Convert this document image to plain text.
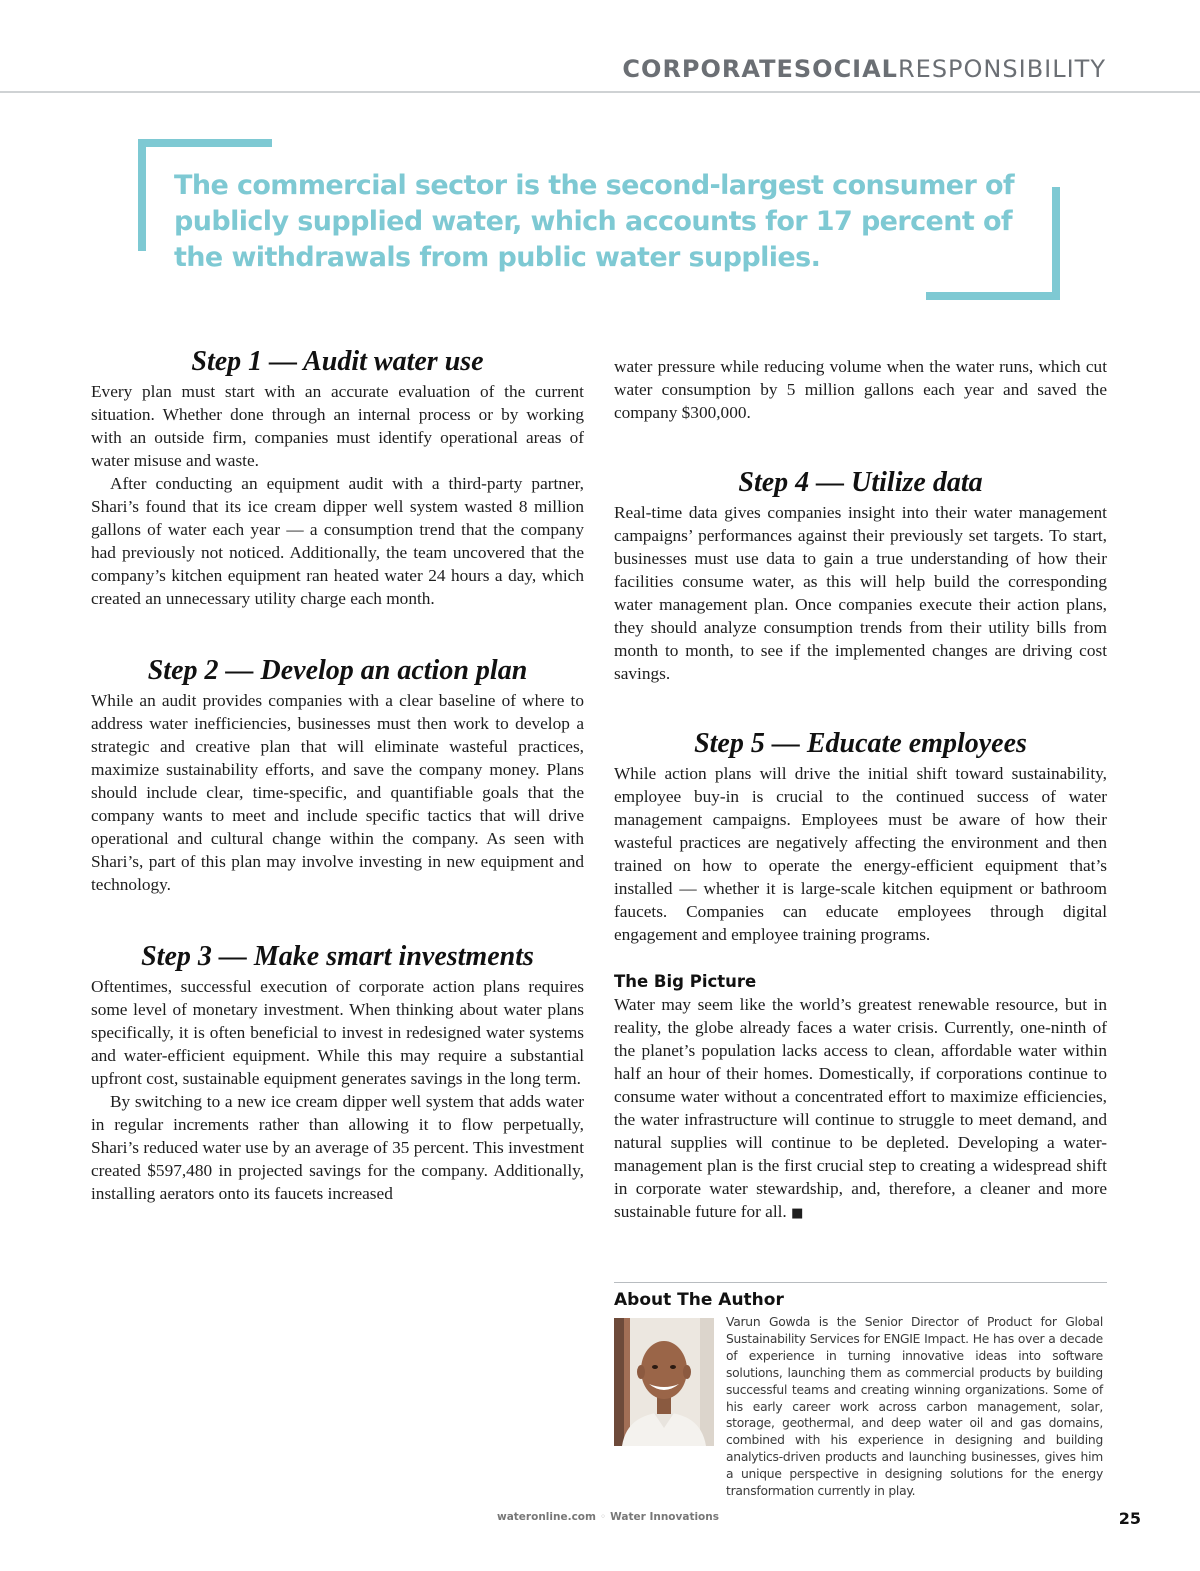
CORPORATESOCIALRESPONSIBILITY
The commercial sector is the second-largest consumer of publicly supplied water, which accounts for 17 percent of the withdrawals from public water supplies.
Step 1 — Audit water use

Every plan must start with an accurate evaluation of the current situation. Whether done through an internal process or by working with an outside firm, companies must identify operational areas of water misuse and waste.

After conducting an equipment audit with a third-party partner, Shari’s found that its ice cream dipper well system wasted 8 million gallons of water each year — a consumption trend that the company had previously not noticed. Additionally, the team uncovered that the company’s kitchen equipment ran heated water 24 hours a day, which created an unnecessary utility charge each month.

Step 2 — Develop an action plan

While an audit provides companies with a clear baseline of where to address water inefficiencies, businesses must then work to develop a strategic and creative plan that will eliminate wasteful practices, maximize sustainability efforts, and save the company money. Plans should include clear, time-specific, and quantifiable goals that the company wants to meet and include specific tactics that will drive operational and cultural change within the company. As seen with Shari’s, part of this plan may involve investing in new equipment and technology.

Step 3 — Make smart investments

Oftentimes, successful execution of corporate action plans requires some level of monetary investment. When thinking about water plans specifically, it is often beneficial to invest in redesigned water systems and water-efficient equipment. While this may require a substantial upfront cost, sustainable equipment generates savings in the long term.

By switching to a new ice cream dipper well system that adds water in regular increments rather than allowing it to flow perpetually, Shari’s reduced water use by an average of 35 percent. This investment created $597,480 in projected savings for the company. Additionally, installing aerators onto its faucets increased

water pressure while reducing volume when the water runs, which cut water consumption by 5 million gallons each year and saved the company $300,000.

Step 4 — Utilize data

Real-time data gives companies insight into their water management campaigns’ performances against their previously set targets. To start, businesses must use data to gain a true understanding of how their facilities consume water, as this will help build the corresponding water management plan. Once companies execute their action plans, they should analyze consumption trends from their utility bills from month to month, to see if the implemented changes are driving cost savings.

Step 5 — Educate employees

While action plans will drive the initial shift toward sustainability, employee buy-in is crucial to the continued success of water management campaigns. Employees must be aware of how their wasteful practices are negatively affecting the environment and then trained on how to operate the energy-efficient equipment that’s installed — whether it is large-scale kitchen equipment or bathroom faucets. Companies can educate employees through digital engagement and employee training programs.

The Big Picture

Water may seem like the world’s greatest renewable resource, but in reality, the globe already faces a water crisis. Currently, one-ninth of the planet’s population lacks access to clean, affordable water within half an hour of their homes. Domestically, if corporations continue to consume water without a concentrated effort to maximize efficiencies, the water infrastructure will continue to struggle to meet demand, and natural supplies will continue to be depleted. Developing a water-management plan is the first crucial step to creating a widespread shift in corporate water stewardship, and, therefore, a cleaner and more sustainable future for all. ■

About The Author
Varun Gowda is the Senior Director of Product for Global Sustainability Services for ENGIE Impact. He has over a decade of experience in turning innovative ideas into software solutions, launching them as commercial products by building successful teams and creating winning organizations. Some of his early career work across carbon management, solar, storage, geothermal, and deep water oil and gas domains, combined with his experience in designing and building analytics-driven products and launching businesses, gives him a unique perspective in designing solutions for the energy transformation currently in play.
wateronline.com ◦ Water Innovations	25
